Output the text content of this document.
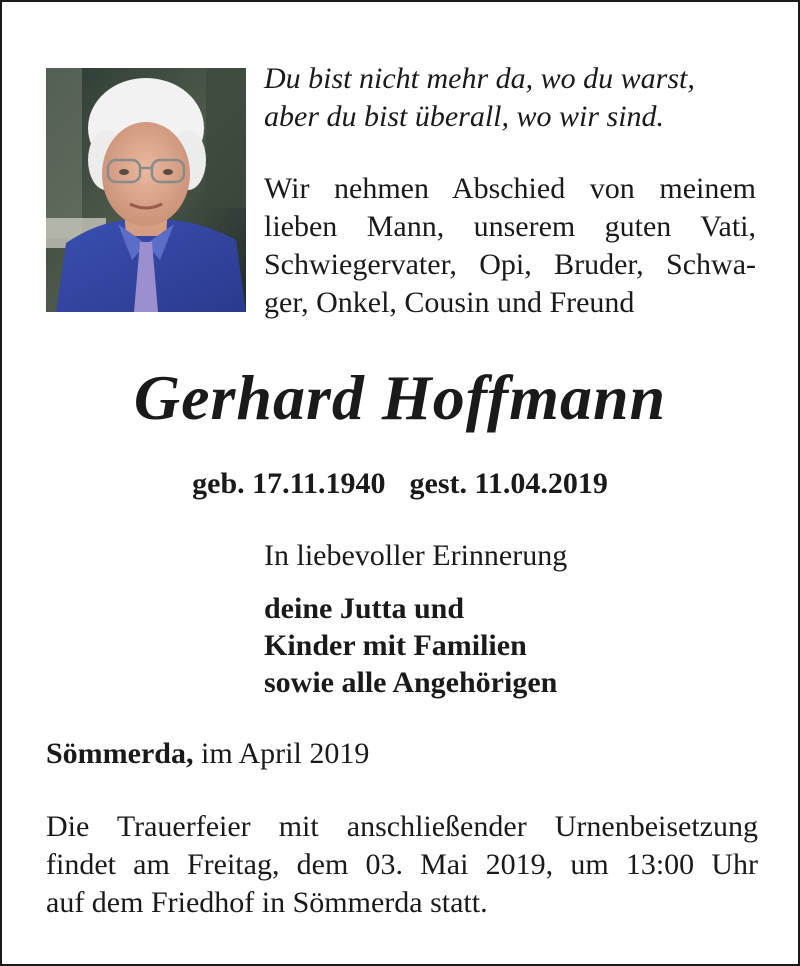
Du bist nicht mehr da, wo du warst,
aber du bist überall, wo wir sind.
Wir nehmen Abschied von meinem
lieben Mann, unserem guten Vati,
Schwiegervater, Opi, Bruder, Schwa-
ger, Onkel, Cousin und Freund
Gerhard Hoffmann
geb. 17.11.1940 gest. 11.04.2019
In liebevoller Erinnerung
deine Jutta und
Kinder mit Familien
sowie alle Angehörigen
Sömmerda, im April 2019
Die Trauerfeier mit anschließender Urnenbeisetzung
findet am Freitag, dem 03. Mai 2019, um 13:00 Uhr
auf dem Friedhof in Sömmerda statt.
